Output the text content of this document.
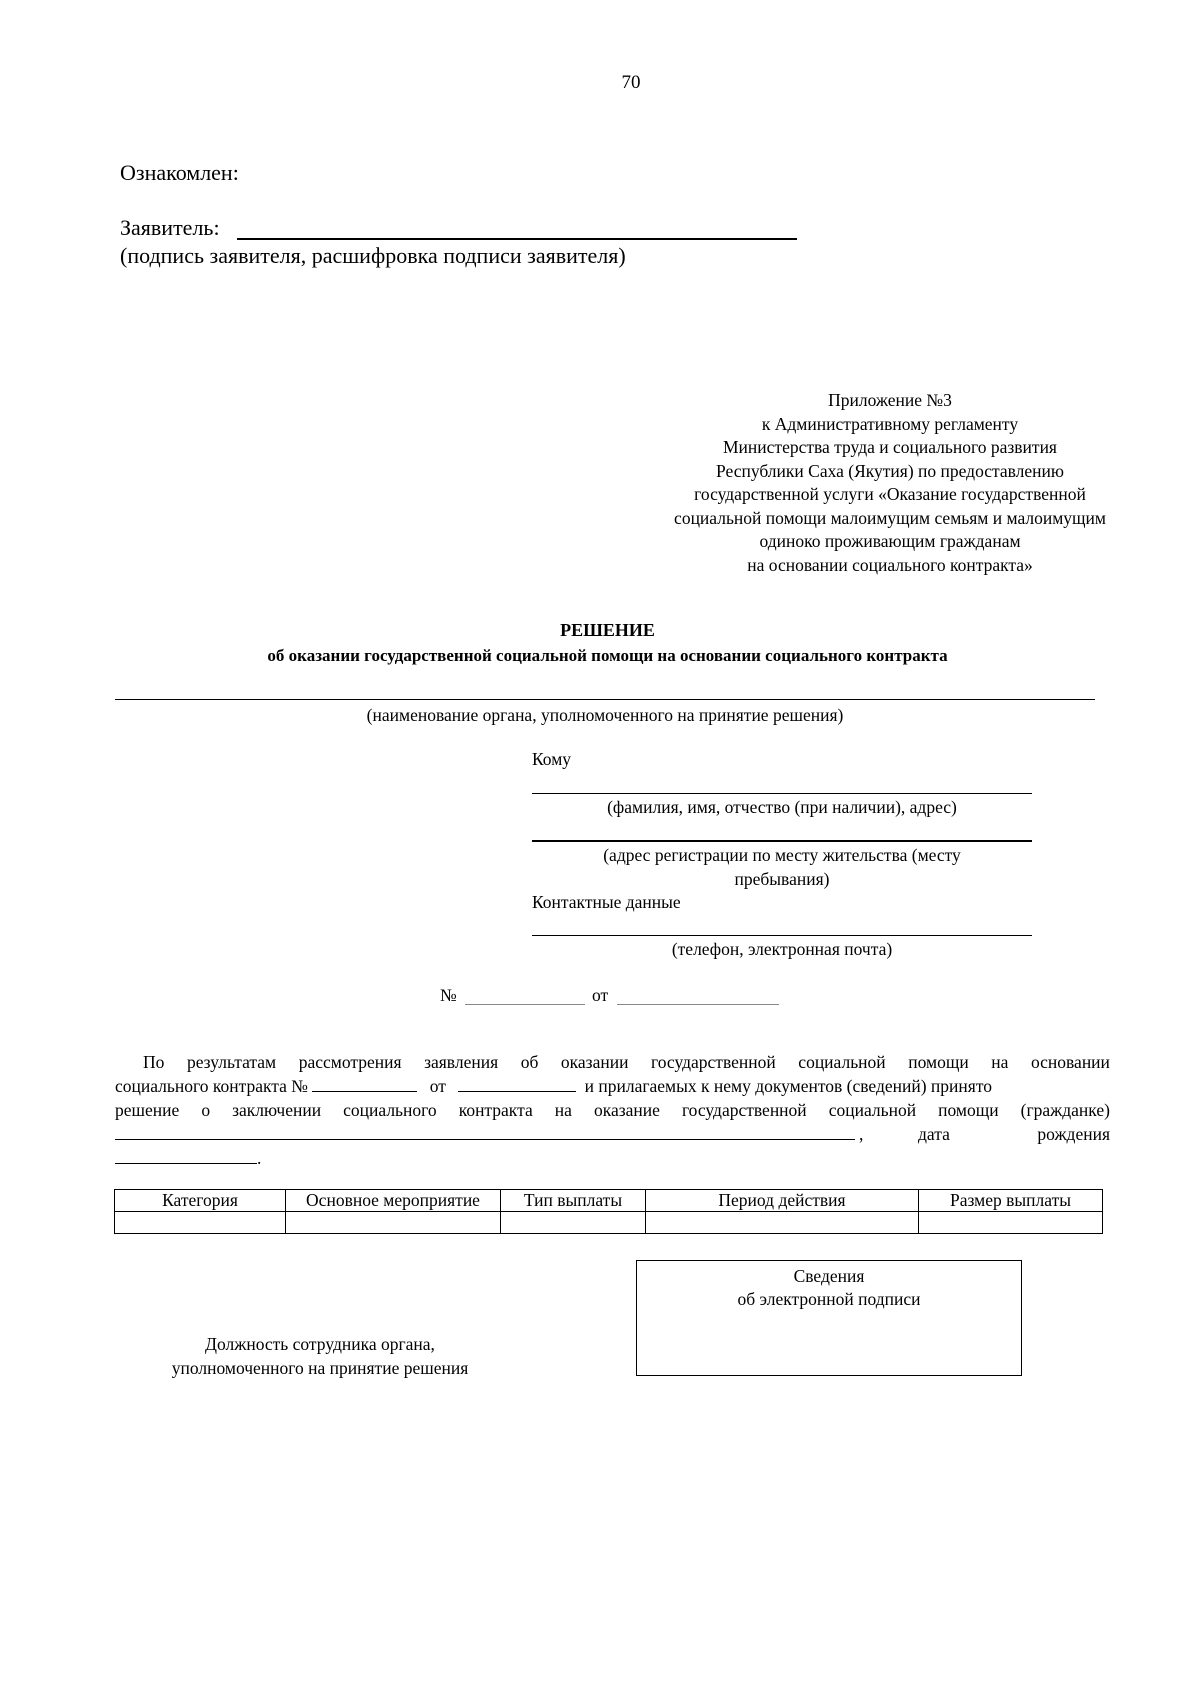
70
Ознакомлен:
Заявитель:
(подпись заявителя, расшифровка подписи заявителя)
Приложение №3
к Административному регламенту
Министерства труда и социального развития
Республики Саха (Якутия) по предоставлению
государственной услуги «Оказание государственной
социальной помощи малоимущим семьям и малоимущим
одиноко проживающим гражданам
на основании социального контракта»
РЕШЕНИЕ
об оказании государственной социальной помощи на основании социального контракта
(наименование органа, уполномоченного на принятие решения)
Кому
(фамилия, имя, отчество (при наличии), адрес)
(адрес регистрации по месту жительства (месту
пребывания)
Контактные данные
(телефон, электронная почта)
№	от
По результатам рассмотрения заявления об оказании государственной социальной помощи на основании
социального контракта №	от	и прилагаемых к нему документов (сведений) принято
решение о заключении социального контракта на оказание государственной социальной помощи (гражданке)
,	дата	рождения
.
Категория	Основное мероприятие	Тип выплаты	Период действия	Размер выплаты

Сведения
об электронной подписи
Должность сотрудника органа,
уполномоченного на принятие решения
